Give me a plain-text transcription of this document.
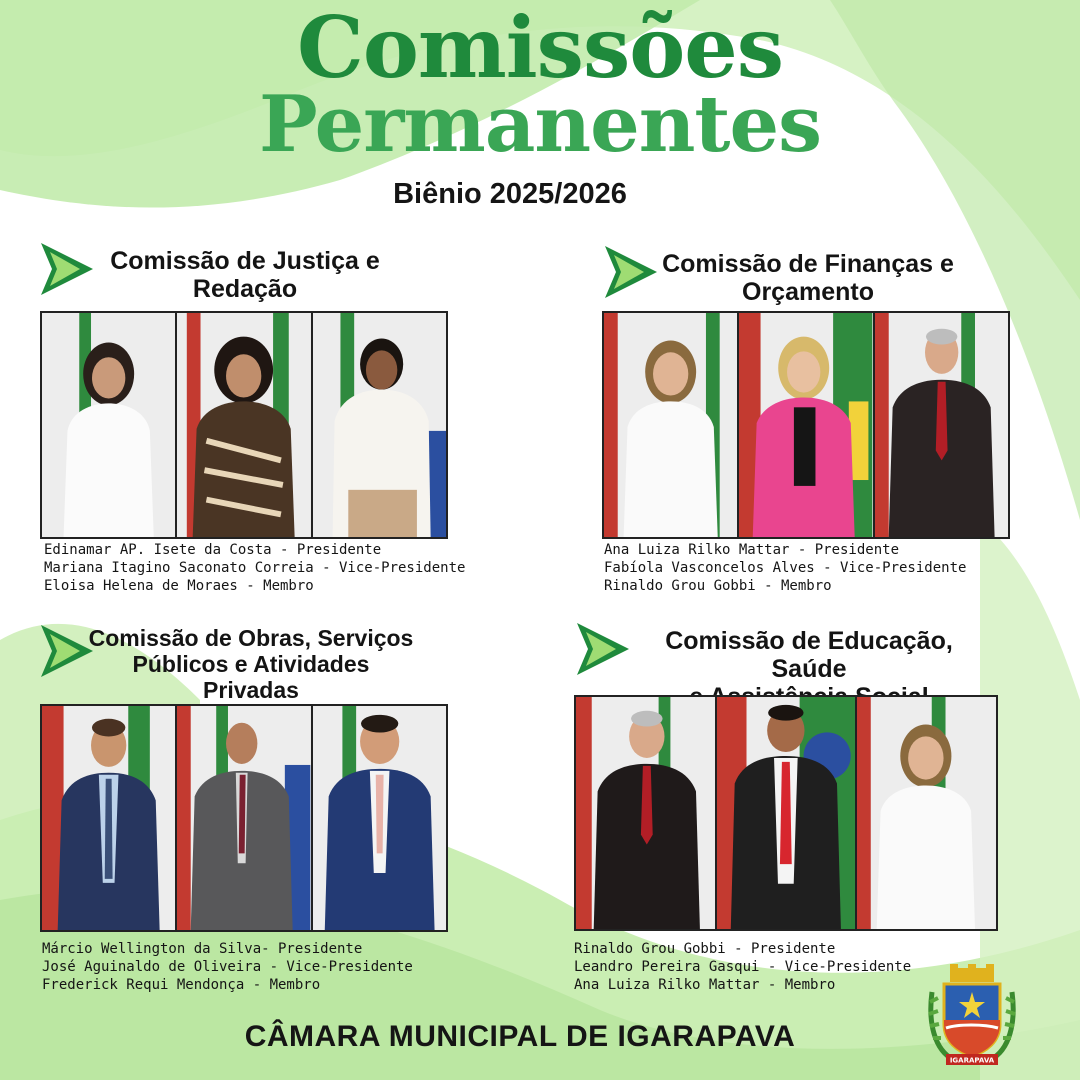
Comissões
Permanentes
Biênio 2025/2026
Comissão de Justiça e
Redação
Edinamar AP. Isete da Costa - Presidente
Mariana Itagino Saconato Correia - Vice-Presidente
Eloisa Helena de Moraes - Membro
Comissão de Finanças e
Orçamento
Ana Luiza Rilko Mattar - Presidente
Fabíola Vasconcelos Alves - Vice-Presidente
Rinaldo Grou Gobbi - Membro
Comissão de Obras, Serviços
Públicos e Atividades Privadas
Márcio Wellington da Silva- Presidente
José Aguinaldo de Oliveira - Vice-Presidente
Frederick Requi Mendonça - Membro
Comissão de Educação, Saúde

Rinaldo Grou Gobbi - Presidente
Leandro Pereira Gasqui - Vice-Presidente
Ana Luiza Rilko Mattar - Membro
CÂMARA MUNICIPAL DE IGARAPAVA
IGARAPAVA
